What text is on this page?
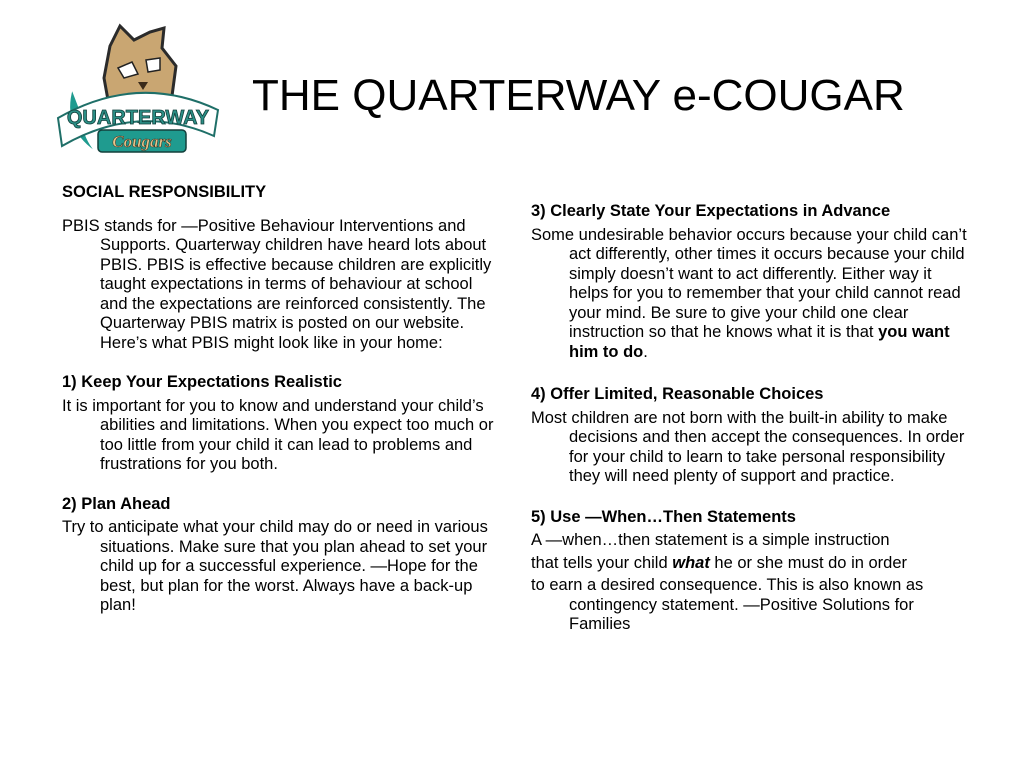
QUARTERWAY
Cougars
THE QUARTERWAY e-COUGAR

SOCIAL RESPONSIBILITY

PBIS stands for —Positive Behaviour Interventions and Supports. Quarterway children have heard lots about PBIS. PBIS is effective because children are explicitly taught expectations in terms of behaviour at school and the expectations are reinforced consistently. The Quarterway PBIS matrix is posted on our website. Here’s what PBIS might look like in your home:

1) Keep Your Expectations Realistic

It is important for you to know and understand your child’s abilities and limitations. When you expect too much or too little from your child it can lead to problems and frustrations for you both.

2) Plan Ahead

Try to anticipate what your child may do or need in various situations. Make sure that you plan ahead to set your child up for a successful experience. —Hope for the best, but plan for the worst. Always have a back-up plan!

3) Clearly State Your Expectations in Advance

Some undesirable behavior occurs because your child can’t act differently, other times it occurs because your child simply doesn’t want to act differently. Either way it helps for you to remember that your child cannot read your mind. Be sure to give your child one clear instruction so that he knows what it is that you want him to do.

4) Offer Limited, Reasonable Choices

Most children are not born with the built-in ability to make decisions and then accept the consequences. In order for your child to learn to take personal responsibility they will need plenty of support and practice.

5) Use —When…Then Statements

A —when…then statement is a simple instruction

that tells your child what he or she must do in order

to earn a desired consequence. This is also known as contingency statement. —Positive Solutions for Families
